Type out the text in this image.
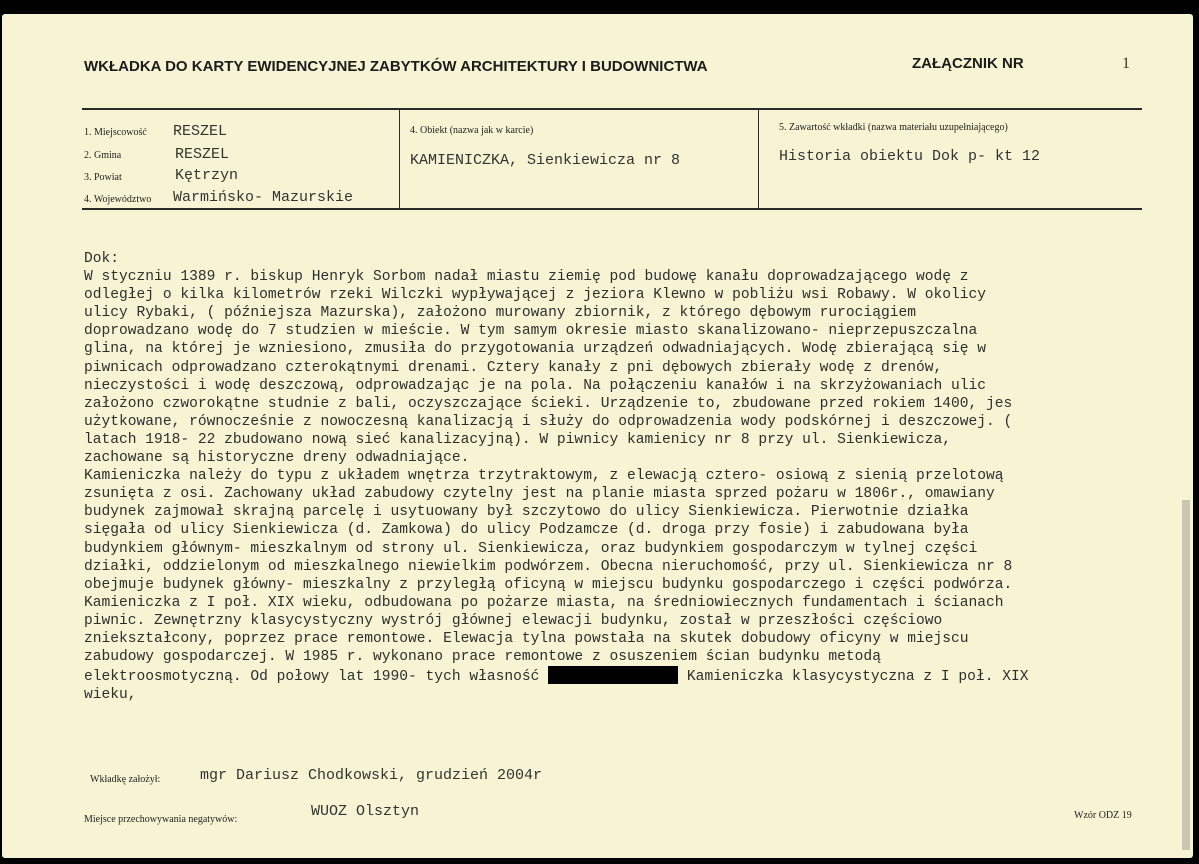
WKŁADKA DO KARTY EWIDENCYJNEJ ZABYTKÓW ARCHITEKTURY I BUDOWNICTWA	ZAŁĄCZNIK NR	1
1. Miejscowość RESZEL
2. Gmina	RESZEL
3. Powiat	Kętrzyn
4. Województwo Warmińsko- Mazurskie
4. Obiekt (nazwa jak w karcie)
KAMIENICZKA, Sienkiewicza nr 8
5. Zawartość wkładki (nazwa materiału uzupełniającego)
Historia obiektu Dok p- kt 12
Dok:
W styczniu 1389 r. biskup Henryk Sorbom nadał miastu ziemię pod budowę kanału doprowadzającego wodę z
odległej o kilka kilometrów rzeki Wilczki wypływającej z jeziora Klewno w pobliżu wsi Robawy. W okolicy
ulicy Rybaki, ( późniejsza Mazurska), założono murowany zbiornik, z którego dębowym rurociągiem
doprowadzano wodę do 7 studzien w mieście. W tym samym okresie miasto skanalizowano- nieprzepuszczalna
glina, na której je wzniesiono, zmusiła do przygotowania urządzeń odwadniających. Wodę zbierającą się w
piwnicach odprowadzano czterokątnymi drenami. Cztery kanały z pni dębowych zbierały wodę z drenów,
nieczystości i wodę deszczową, odprowadzając je na pola. Na połączeniu kanałów i na skrzyżowaniach ulic
założono czworokątne studnie z bali, oczyszczające ścieki. Urządzenie to, zbudowane przed rokiem 1400, jes
użytkowane, równocześnie z nowoczesną kanalizacją i służy do odprowadzenia wody podskórnej i deszczowej. (
latach 1918- 22 zbudowano nową sieć kanalizacyjną). W piwnicy kamienicy nr 8 przy ul. Sienkiewicza,
zachowane są historyczne dreny odwadniające.
Kamieniczka należy do typu z układem wnętrza trzytraktowym, z elewacją cztero- osiową z sienią przelotową
zsunięta z osi. Zachowany układ zabudowy czytelny jest na planie miasta sprzed pożaru w 1806r., omawiany
budynek zajmował skrajną parcelę i usytuowany był szczytowo do ulicy Sienkiewicza. Pierwotnie działka
sięgała od ulicy Sienkiewicza (d. Zamkowa) do ulicy Podzamcze (d. droga przy fosie) i zabudowana była
budynkiem głównym- mieszkalnym od strony ul. Sienkiewicza, oraz budynkiem gospodarczym w tylnej części
działki, oddzielonym od mieszkalnego niewielkim podwórzem. Obecna nieruchomość, przy ul. Sienkiewicza nr 8
obejmuje budynek główny- mieszkalny z przyległą oficyną w miejscu budynku gospodarczego i części podwórza.
Kamieniczka z I poł. XIX wieku, odbudowana po pożarze miasta, na średniowiecznych fundamentach i ścianach
piwnic. Zewnętrzny klasycystyczny wystrój głównej elewacji budynku, został w przeszłości częściowo
zniekształcony, poprzez prace remontowe. Elewacja tylna powstała na skutek dobudowy oficyny w miejscu
zabudowy gospodarczej. W 1985 r. wykonano prace remontowe z osuszeniem ścian budynku metodą
elektroosmotyczną. Od połowy lat 1990- tych własność	Kamieniczka klasycystyczna z I poł. XIX
wieku,
Wkładkę założył:	mgr Dariusz Chodkowski, grudzień 2004r
Miejsce przechowywania negatywów:	WUOZ Olsztyn	Wzór ODZ 19
